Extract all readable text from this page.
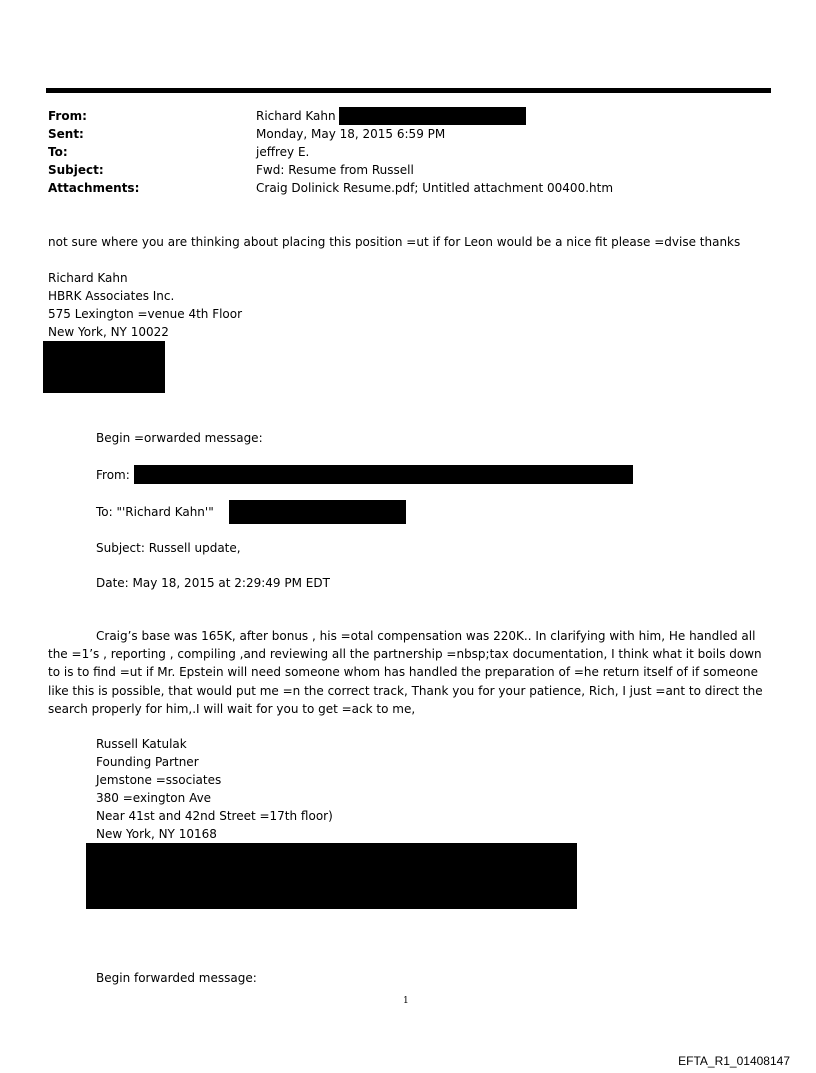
From:	Richard Kahn
Sent:	Monday, May 18, 2015 6:59 PM
To:	jeffrey E.
Subject:	Fwd: Resume from Russell
Attachments:	Craig Dolinick Resume.pdf; Untitled attachment 00400.htm
not sure where you are thinking about placing this position =ut if for Leon would be a nice fit please =dvise thanks
Richard Kahn
HBRK Associates Inc.
575 Lexington =venue 4th Floor
New York, NY 10022
Begin =orwarded message:
From:
To: "'Richard Kahn'"
Subject: Russell update,
Date: May 18, 2015 at 2:29:49 PM EDT
Craig’s base was 165K, after bonus , his =otal compensation was 220K.. In clarifying with him, He handled all the =1’s , reporting , compiling ,and reviewing all the partnership =nbsp;tax documentation, I think what it boils down to is to find =ut if Mr. Epstein will need someone whom has handled the preparation of =he return itself of if someone like this is possible, that would put me =n the correct track, Thank you for your patience, Rich, I just =ant to direct the search properly for him,.I will wait for you to get =ack to me,
Russell Katulak
Founding Partner
Jemstone =ssociates
380 =exington Ave
Near 41st and 42nd Street =17th floor)
New York, NY 10168
Begin forwarded message:
1
EFTA_R1_01408147
